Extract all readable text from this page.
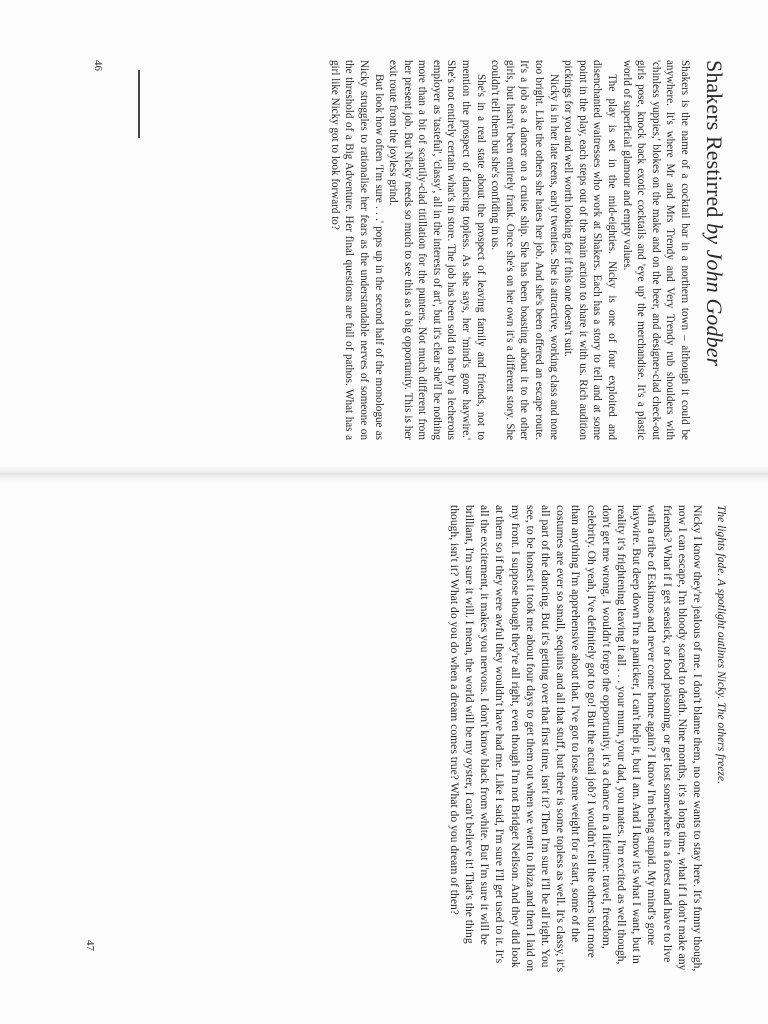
Shakers Restirred by John Godber

Shakers is the name of a cocktail bar in a northern town – although it could be anywhere. It's where Mr and Mrs Trendy and Very Trendy rub shoulders with 'chinless yuppies,' blokes on the make and on the beer, and designer-clad check-out girls pose, knock back exotic cocktails and 'eye up' the merchandise. It's a plastic world of superficial glamour and empty values.

The play is set in the mid-eighties. Nicky is one of four exploited and disenchanted waitresses who work at Shakers. Each has a story to tell and at some point in the play, each steps out of the main action to share it with us. Rich audition pickings for you and well worth looking for if this one doesn't suit.

Nicky is in her late teens, early twenties. She is attractive, working class and none too bright. Like the others she hates her job. And she's been offered an escape route. It's a job as a dancer on a cruise ship. She has been boasting about it to the other girls, but hasn't been entirely frank. Once she's on her own it's a different story. She couldn't tell them but she's confiding in us.

She's in a real state about the prospect of leaving family and friends, not to mention the prospect of dancing topless. As she says, her 'mind's gone haywire.' She's not entirely certain what's in store. The job has been sold to her by a lecherous employer as 'tasteful', 'classy', all in the interests of art', but it's clear she'll be nothing more than a bit of scantily-clad titillation for the punters. Not much different from her present job. But Nicky needs so much to see this as a big opportunity. This is her exit route from the joyless grind.

But look how often 'I'm sure . . .' pops up in the second half of the monologue as Nicky struggles to rationalise her fears as the understandable nerves of someone on the threshold of a Big Adventure. Her final questions are full of pathos. What has a girl like Nicky got to look forward to?

46
The lights fade. A spotlight outlines Nicky. The others freeze.

Nicky I know they're jealous of me. I don't blame them, no one wants to stay here. It's funny though, now I can escape, I'm bloody scared to death. Nine months, it's a long time, what if I don't make any friends? What if I get seasick, or food poisoning, or get lost somewhere in a forest and have to live with a tribe of Eskimos and never come home again? I know I'm being stupid. My mind's gone haywire. But deep down I'm a panicker, I can't help it, but I am. And I know it's what I want, but in reality it's frightening leaving it all . . . your mum, your dad, you mates. I'm excited as well though, don't get me wrong. I wouldn't forgo the opportunity, it's a chance in a lifetime: travel, freedom, celebrity. Oh yeah, I've definitely got to go! But the actual job? I wouldn't tell the others but more than anything I'm apprehensive about that. I've got to lose some weight for a start, some of the costumes are ever so small, sequins and all that stuff, but there is some topless as well. It's classy, it's all part of the dancing. But it's getting over that first time, isn't it? Then I'm sure I'll be all right. You see, to be honest it took me about four days to get them out when we went to Ibiza and then I laid on my front. I suppose though they're all right, even though I'm not Bridget Neilson. And they did look at them so if they were awful they wouldn't have had me. Like I said, I'm sure I'll get used to it. It's all the excitement, it makes you nervous. I don't know black from white. But I'm sure it will be brilliant, I'm sure it will. I mean, the world will be my oyster, I can't believe it! That's the thing though, isn't it? What do you do when a dream comes true? What do you dream of then?

47
